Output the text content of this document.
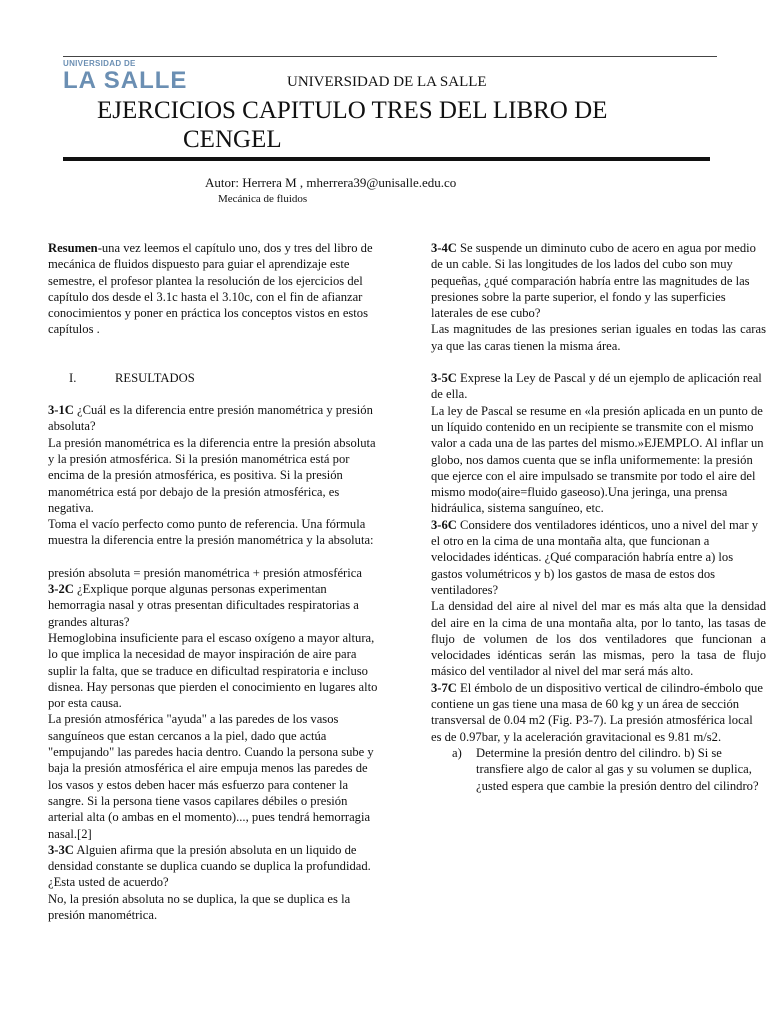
UNIVERSIDAD DE
LA SALLE	UNIVERSIDAD DE LA SALLE
EJERCICIOS CAPITULO TRES DEL LIBRO DE
CENGEL
Autor: Herrera M , mherrera39@unisalle.edu.co
Mecánica de fluidos

Resumen-una vez leemos el capítulo uno, dos y tres del libro de mecánica de fluidos dispuesto para guiar el aprendizaje este semestre, el profesor plantea la resolución de los ejercicios del capítulo dos desde el 3.1c hasta el 3.10c, con el fin de afianzar conocimientos y poner en práctica los conceptos vistos en estos capítulos .

I.	RESULTADOS

3-1C ¿Cuál es la diferencia entre presión manométrica y presión absoluta?

La presión manométrica es la diferencia entre la presión absoluta y la presión atmosférica. Si la presión manométrica está por encima de la presión atmosférica, es positiva. Si la presión manométrica está por debajo de la presión atmosférica, es negativa.

Toma el vacío perfecto como punto de referencia. Una fórmula muestra la diferencia entre la presión manométrica y la absoluta:

presión absoluta = presión manométrica + presión atmosférica

3-2C ¿Explique porque algunas personas experimentan hemorragia nasal y otras presentan dificultades respiratorias a grandes alturas?

Hemoglobina insuficiente para el escaso oxígeno a mayor altura, lo que implica la necesidad de mayor inspiración de aire para suplir la falta, que se traduce en dificultad respiratoria e incluso disnea. Hay personas que pierden el conocimiento en lugares alto por esta causa.

La presión atmosférica "ayuda" a las paredes de los vasos sanguíneos que estan cercanos a la piel, dado que actúa "empujando" las paredes hacia dentro. Cuando la persona sube y baja la presión atmosférica el aire empuja menos las paredes de los vasos y estos deben hacer más esfuerzo para contener la sangre. Si la persona tiene vasos capilares débiles o presión arterial alta (o ambas en el momento)..., pues tendrá hemorragia nasal.[2]

3-3C Alguien afirma que la presión absoluta en un liquido de densidad constante se duplica cuando se duplica la profundidad. ¿Esta usted de acuerdo?

No, la presión absoluta no se duplica, la que se duplica es la presión manométrica.

3-4C Se suspende un diminuto cubo de acero en agua por medio de un cable. Si las longitudes de los lados del cubo son muy pequeñas, ¿qué comparación habría entre las magnitudes de las presiones sobre la parte superior, el fondo y las superficies laterales de ese cubo?

Las magnitudes de las presiones serian iguales en todas las caras ya que las caras tienen la misma área.

3-5C Exprese la Ley de Pascal y dé un ejemplo de aplicación real de ella.

La ley de Pascal se resume en «la presión aplicada en un punto de un líquido contenido en un recipiente se transmite con el mismo valor a cada una de las partes del mismo.»EJEMPLO. Al inflar un globo, nos damos cuenta que se infla uniformemente: la presión que ejerce con el aire impulsado se transmite por todo el aire del mismo modo(aire=fluido gaseoso).Una jeringa, una prensa hidráulica, sistema sanguíneo, etc.

3-6C Considere dos ventiladores idénticos, uno a nivel del mar y el otro en la cima de una montaña alta, que funcionan a velocidades idénticas. ¿Qué comparación habría entre a) los gastos volumétricos y b) los gastos de masa de estos dos ventiladores?

La densidad del aire al nivel del mar es más alta que la densidad del aire en la cima de una montaña alta, por lo tanto, las tasas de flujo de volumen de los dos ventiladores que funcionan a velocidades idénticas serán las mismas, pero la tasa de flujo másico del ventilador al nivel del mar será más alto.

3-7C El émbolo de un dispositivo vertical de cilindro-émbolo que contiene un gas tiene una masa de 60 kg y un área de sección transversal de 0.04 m2 (Fig. P3-7). La presión atmosférica local es de 0.97bar, y la aceleración gravitacional es 9.81 m/s2.

a)	Determine la presión dentro del cilindro. b) Si se transfiere algo de calor al gas y su volumen se duplica, ¿usted espera que cambie la presión dentro del cilindro?
